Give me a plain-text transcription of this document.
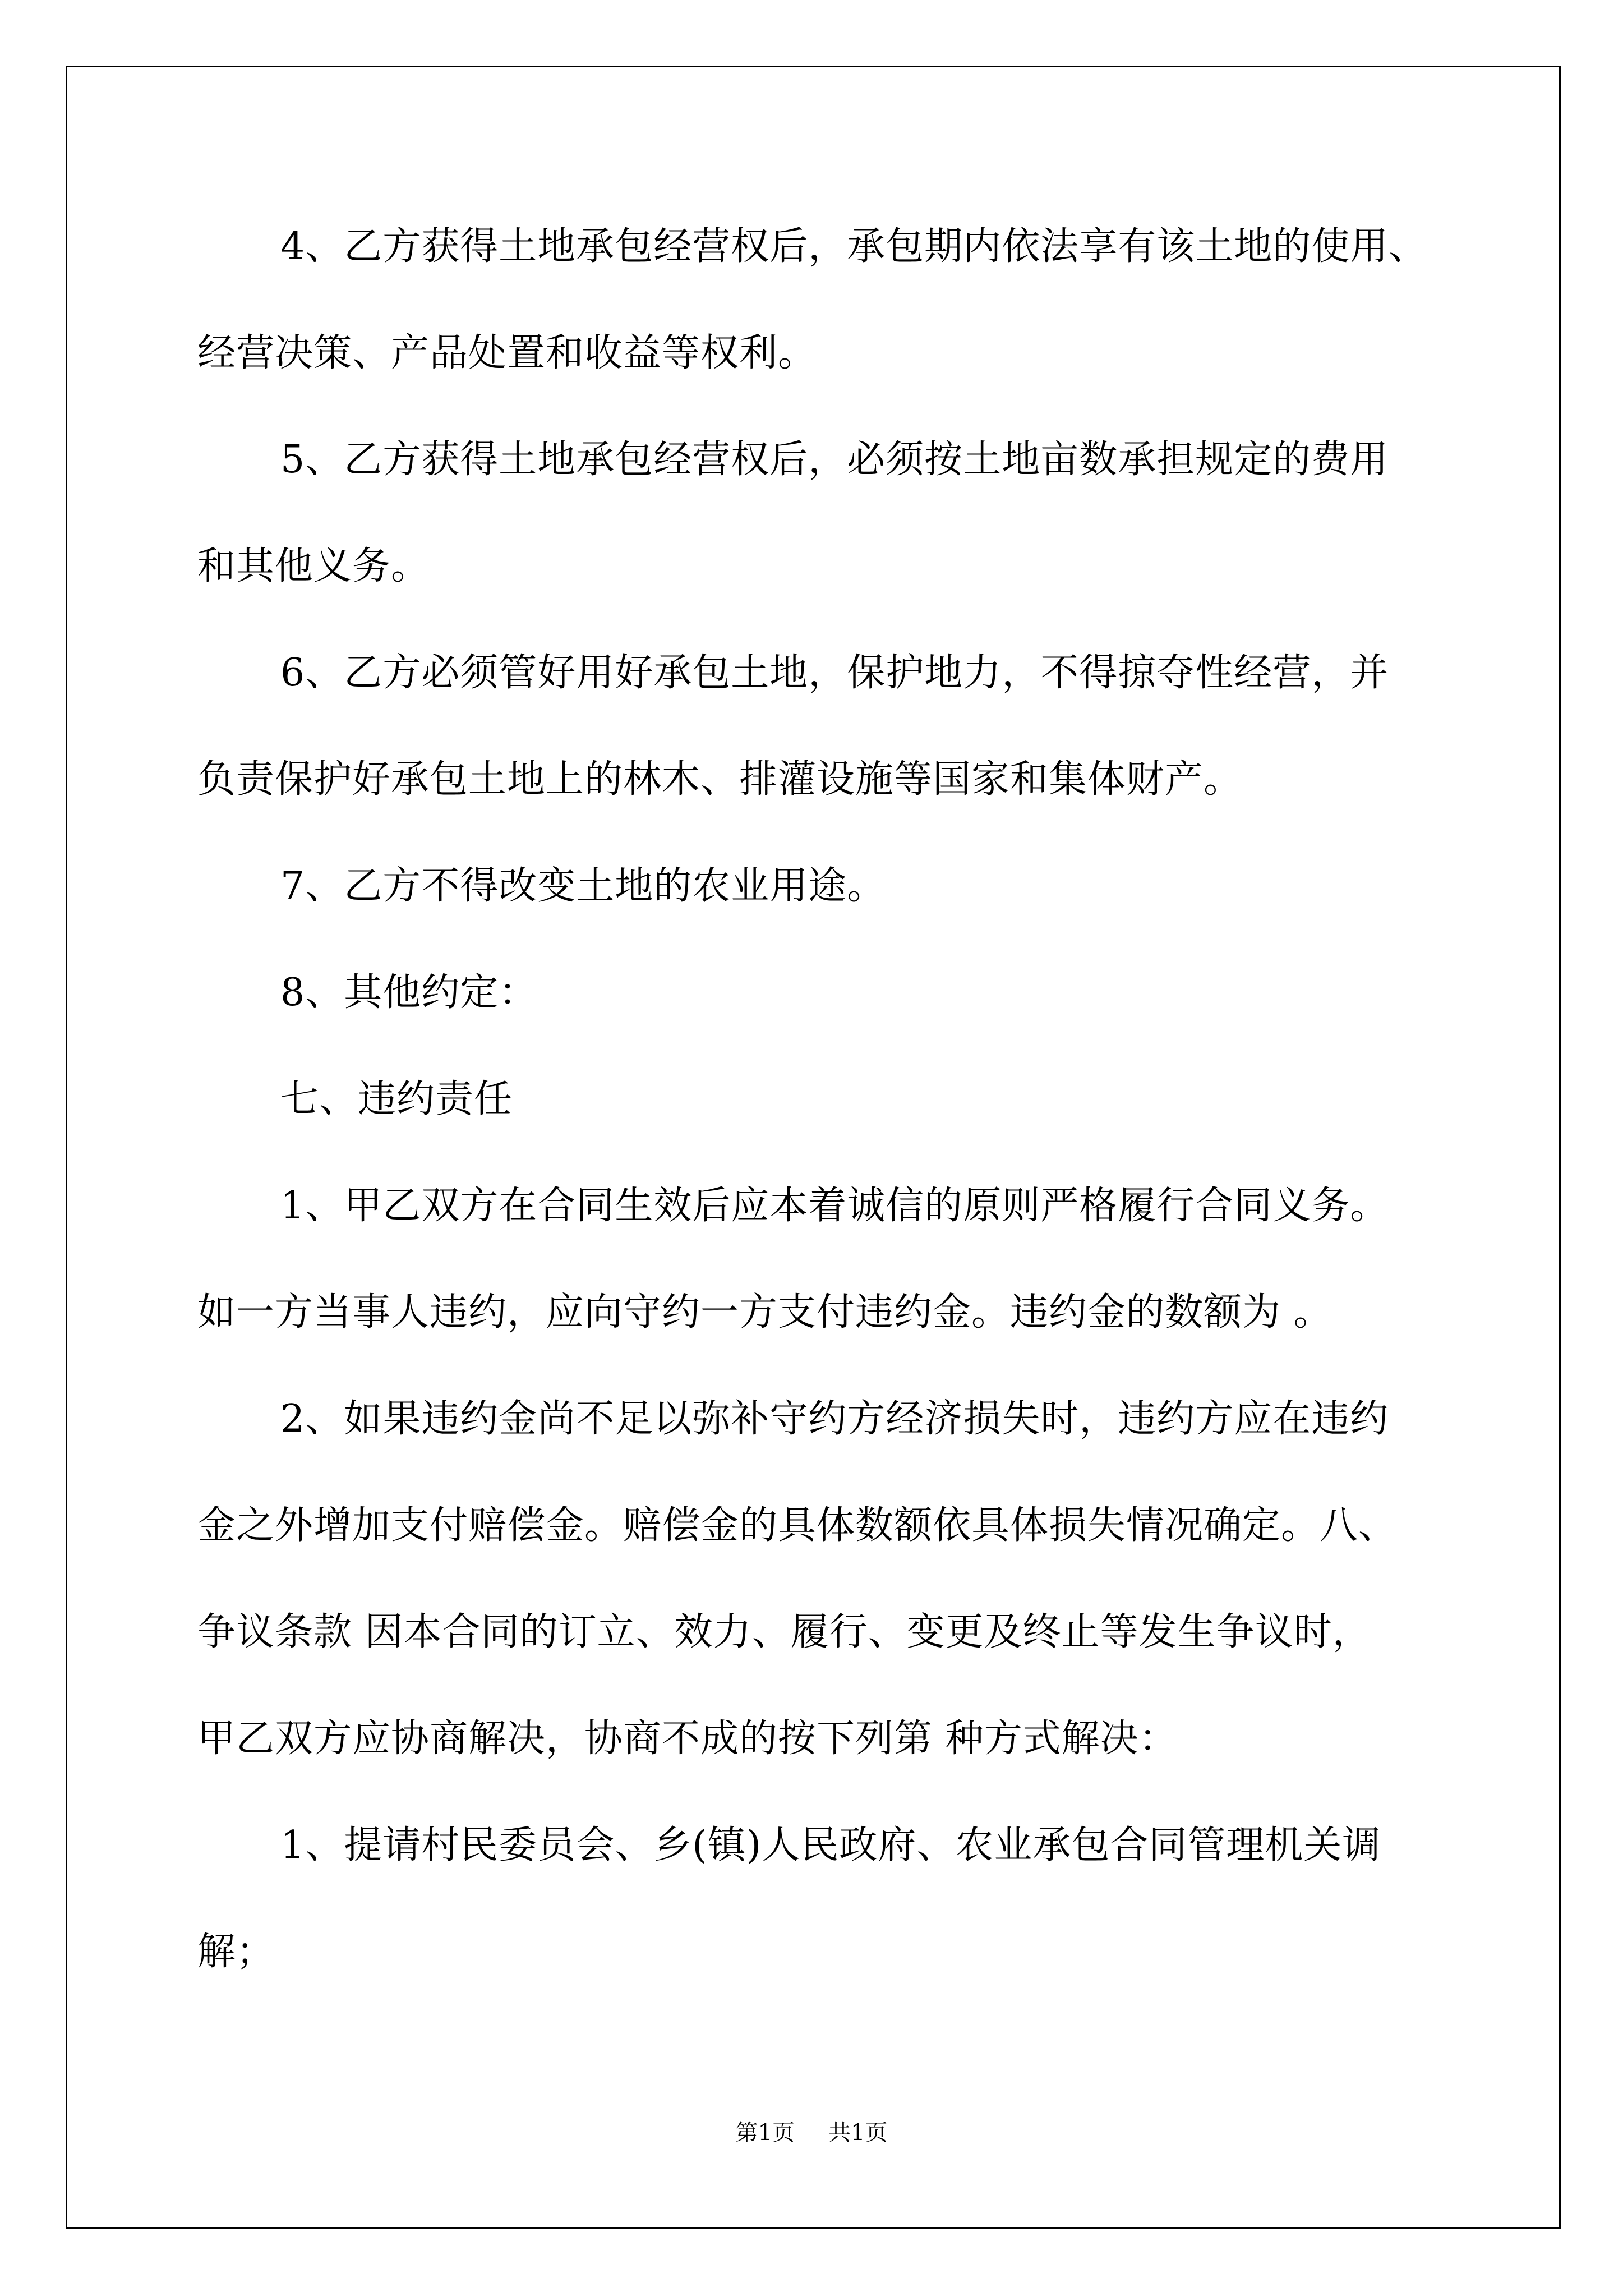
4、乙方获得土地承包经营权后，承包期内依法享有该土地的使用、
经营决策、产品处置和收益等权利。
5、乙方获得土地承包经营权后，必须按土地亩数承担规定的费用
和其他义务。
6、乙方必须管好用好承包土地，保护地力，不得掠夺性经营，并
负责保护好承包土地上的林木、排灌设施等国家和集体财产。
7、乙方不得改变土地的农业用途。
8、其他约定：
七、违约责任
1、甲乙双方在合同生效后应本着诚信的原则严格履行合同义务。
如一方当事人违约，应向守约一方支付违约金。违约金的数额为 。
2、如果违约金尚不足以弥补守约方经济损失时，违约方应在违约
金之外增加支付赔偿金。赔偿金的具体数额依具体损失情况确定。八、
争议条款 因本合同的订立、效力、履行、变更及终止等发生争议时，
甲乙双方应协商解决，协商不成的按下列第 种方式解决：
1、提请村民委员会、乡(镇)人民政府、农业承包合同管理机关调
解；
第1页 共1页
